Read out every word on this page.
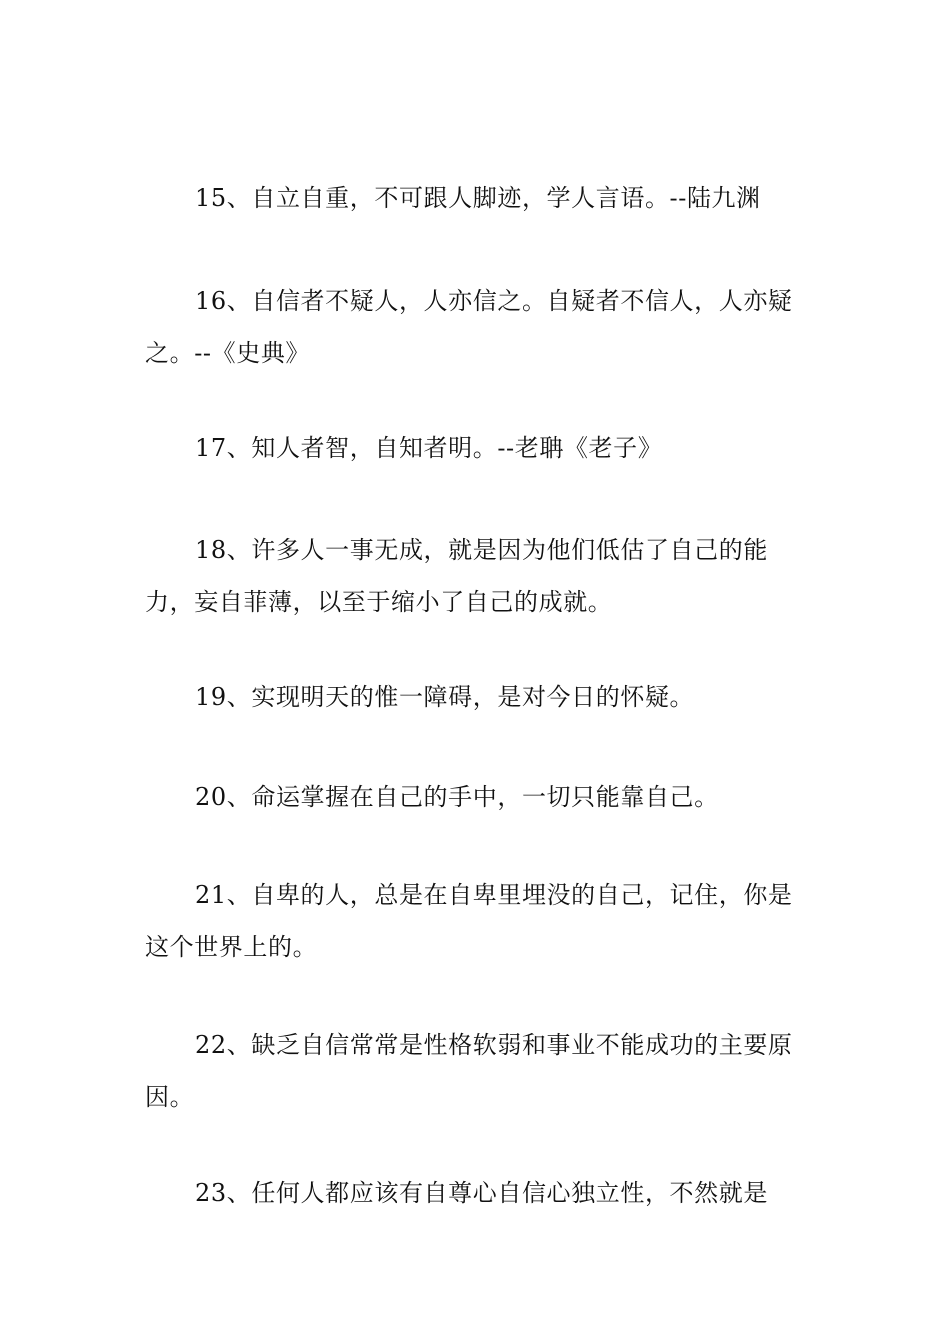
15、自立自重，不可跟人脚迹，学人言语。--陆九渊

16、自信者不疑人，人亦信之。自疑者不信人，人亦疑之。--《史典》

17、知人者智，自知者明。--老聃《老子》

18、许多人一事无成，就是因为他们低估了自己的能力，妄自菲薄，以至于缩小了自己的成就。

19、实现明天的惟一障碍，是对今日的怀疑。

20、命运掌握在自己的手中，一切只能靠自己。

21、自卑的人，总是在自卑里埋没的自己，记住，你是这个世界上的。

22、缺乏自信常常是性格软弱和事业不能成功的主要原因。

23、任何人都应该有自尊心自信心独立性，不然就是
